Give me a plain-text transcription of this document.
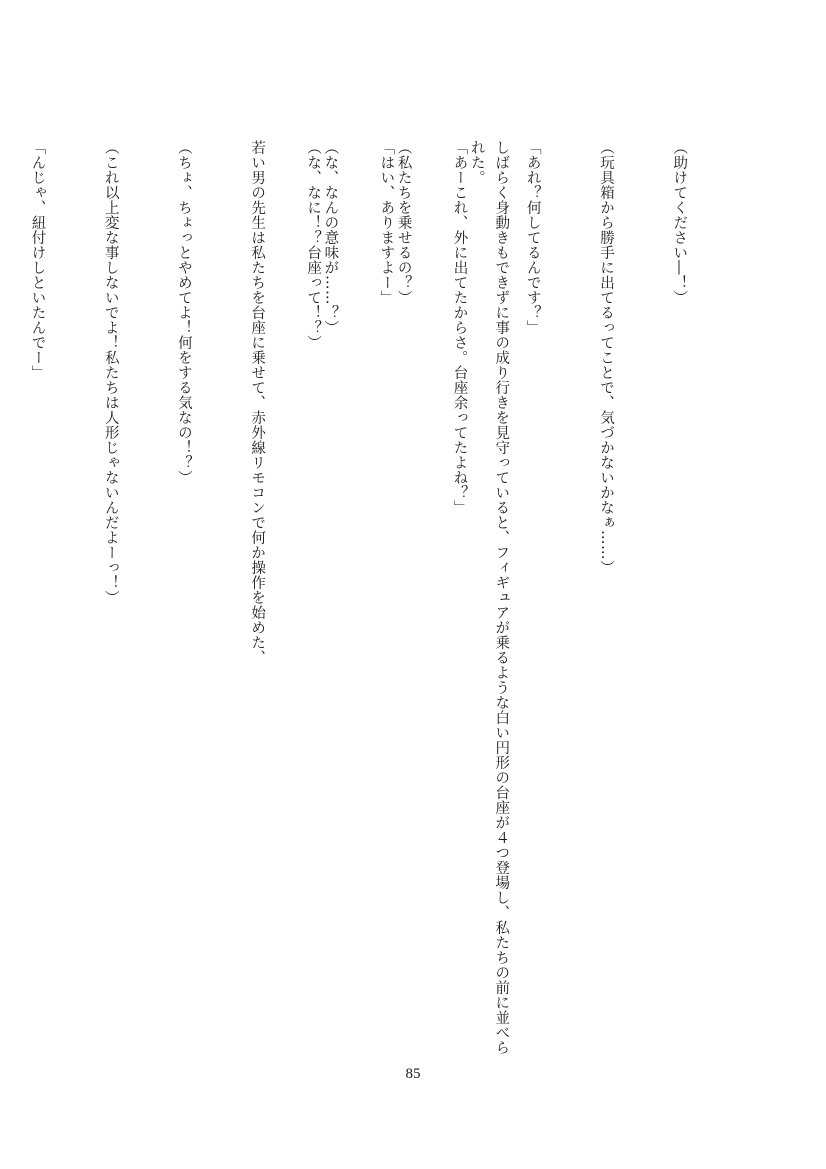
しばらく身動きもできずに事の成り行きを見守っていると、フィギュアが乗るような白い円形の台座が４つ登場し、私たちの前に並べられた。

（私たちを乗せるの？）

（な、なんの意味が……？）

若い男の先生は私たちを台座に乗せて、赤外線リモコンで何か操作を始めた、

（ちょ、ちょっとやめてよ！何をする気なの！？）

（これ以上変な事しないでよ！私たちは人形じゃないんだよーっ！）

「んじゃ、紐付けしといたんでー」

	（助けてください―！）

（玩具箱から勝手に出てるってことで、気づかないかなぁ……）

「あれ？何してるんです？」

「あーこれ、外に出てたからさ。台座余ってたよね？」

「はい、ありますよー」

（な、なに！？台座って！？）

85
